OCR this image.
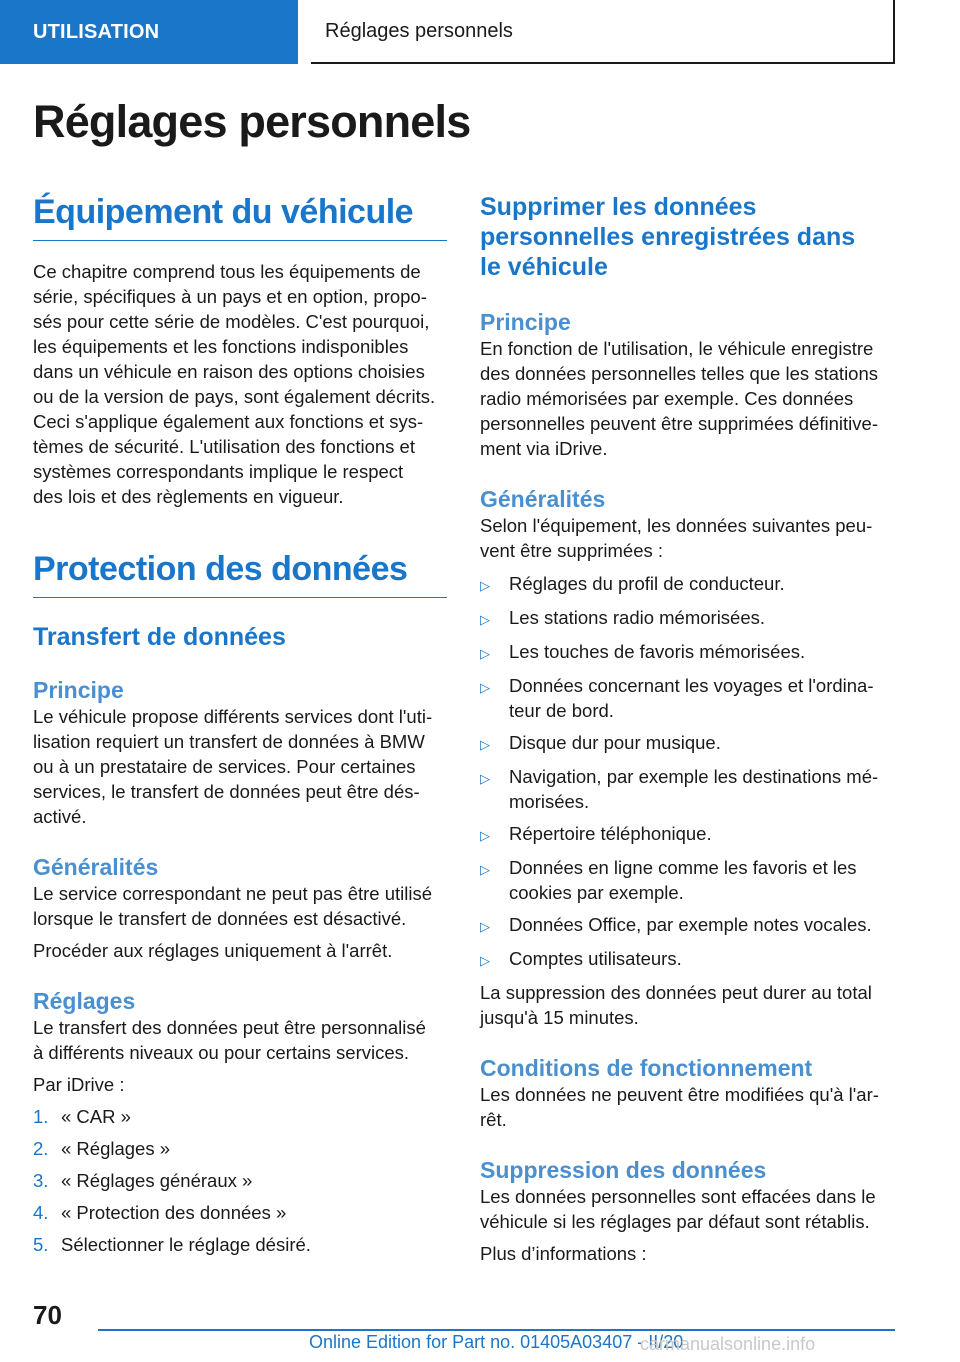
UTILISATION	Réglages personnels
Réglages personnels
Équipement du véhicule
Ce chapitre comprend tous les équipements de
série, spécifiques à un pays et en option, propo‐
sés pour cette série de modèles. C'est pourquoi,
les équipements et les fonctions indisponibles
dans un véhicule en raison des options choisies
ou de la version de pays, sont également décrits.
Ceci s'applique également aux fonctions et sys‐
tèmes de sécurité. L'utilisation des fonctions et
systèmes correspondants implique le respect
des lois et des règlements en vigueur.
Protection des données
Transfert de données
Principe
Le véhicule propose différents services dont l'uti‐
lisation requiert un transfert de données à BMW
ou à un prestataire de services. Pour certaines
services, le transfert de données peut être dés‐
activé.
Généralités
Le service correspondant ne peut pas être utilisé
lorsque le transfert de données est désactivé.
Procéder aux réglages uniquement à l'arrêt.
Réglages
Le transfert des données peut être personnalisé
à différents niveaux ou pour certains services.
Par iDrive :
1. « CAR »
2. « Réglages »
3. « Réglages généraux »
4. « Protection des données »
5. Sélectionner le réglage désiré.
Supprimer les données
personnelles enregistrées dans
le véhicule
Principe
En fonction de l'utilisation, le véhicule enregistre
des données personnelles telles que les stations
radio mémorisées par exemple. Ces données
personnelles peuvent être supprimées définitive‐
ment via iDrive.
Généralités
Selon l'équipement, les données suivantes peu‐
vent être supprimées :
▷	Réglages du profil de conducteur.
▷	Les stations radio mémorisées.
▷	Les touches de favoris mémorisées.
▷	Données concernant les voyages et l'ordina‐
teur de bord.
▷	Disque dur pour musique.
▷	Navigation, par exemple les destinations mé‐
morisées.
▷	Répertoire téléphonique.
▷	Données en ligne comme les favoris et les
cookies par exemple.
▷	Données Office, par exemple notes vocales.
▷	Comptes utilisateurs.
La suppression des données peut durer au total
jusqu'à 15 minutes.
Conditions de fonctionnement
Les données ne peuvent être modifiées qu'à l'ar‐
rêt.
Suppression des données
Les données personnelles sont effacées dans le
véhicule si les réglages par défaut sont rétablis.
Plus d’informations :
70
Online Edition for Part no. 01405A03407 - II/20
carmanualsonline.info
